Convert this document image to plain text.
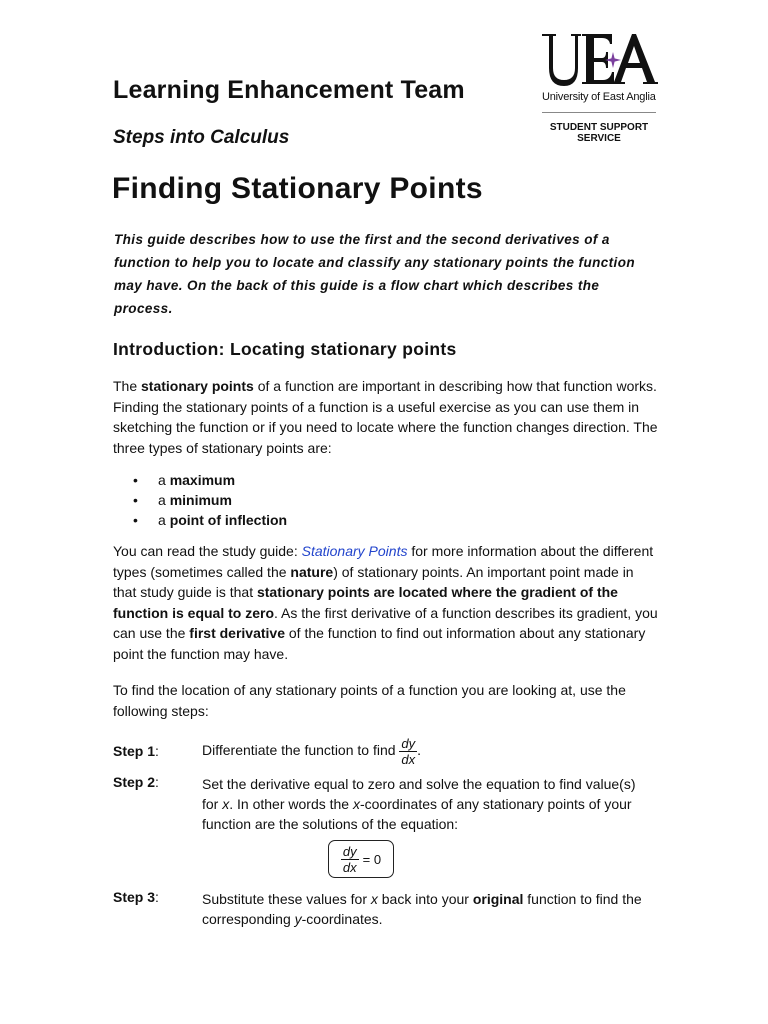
Learning Enhancement Team
Steps into Calculus
Finding Stationary Points
University of East Anglia
STUDENT SUPPORT
SERVICE
This guide describes how to use the first and the second derivatives of a function to help you to locate and classify any stationary points the function may have. On the back of this guide is a flow chart which describes the process.
Introduction: Locating stationary points
The stationary points of a function are important in describing how that function works. Finding the stationary points of a function is a useful exercise as you can use them in sketching the function or if you need to locate where the function changes direction. The three types of stationary points are:
• a maximum
• a minimum
• a point of inflection
You can read the study guide: Stationary Points for more information about the different types (sometimes called the nature) of stationary points. An important point made in that study guide is that stationary points are located where the gradient of the function is equal to zero. As the first derivative of a function describes its gradient, you can use the first derivative of the function to find out information about any stationary point the function may have.
To find the location of any stationary points of a function you are looking at, use the following steps:
Step 1:	Differentiate the function to find $\frac{dy}{dx}$ .
Step 2:	Set the derivative equal to zero and solve the equation to find value(s) for x. In other words the x-coordinates of any stationary points of your function are the solutions of the equation:
$\frac{dy}{dx} = 0$
Step 3:	Substitute these values for x back into your original function to find the corresponding y-coordinates.
